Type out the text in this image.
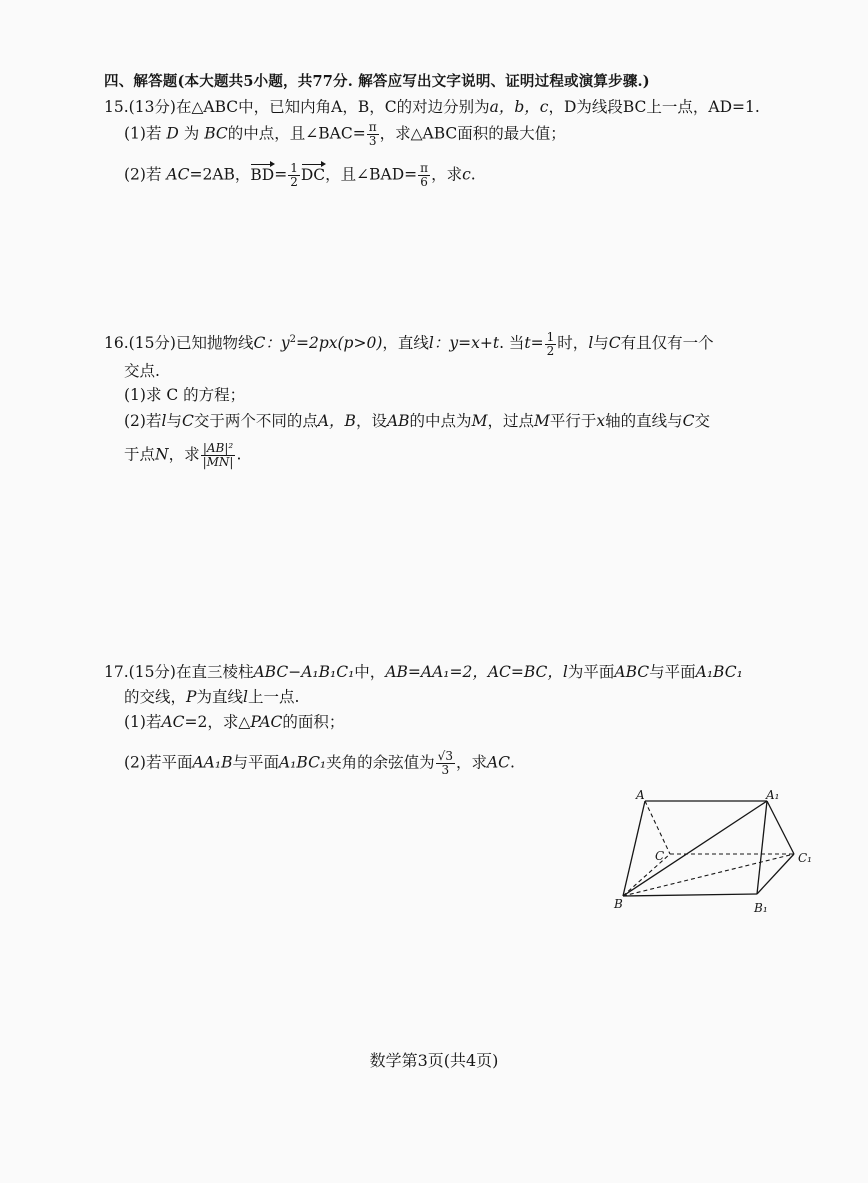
四、解答题(本大题共5小题，共77分. 解答应写出文字说明、证明过程或演算步骤.)
15.(13分)在△ABC中，已知内角A，B，C的对边分别为a，b，c，D为线段BC上一点，AD=1.
(1)若 D 为 BC的中点，且∠BAC= $\frac{\pi}{3}$ ，求△ABC面积的最大值；
(2)若 AC=2AB，$BD= \frac{1}{2}$ DC，且∠BAD= $\frac{\pi}{6}$ ，求c.
16.(15分)已知抛物线C：$y^2=2px(p>0)$，直线l：y=x+t. 当$t= \frac{1}{2}$ 时，l与C有且仅有一个
交点.
(1)求 C 的方程；
(2)若l与C交于两个不同的点A，B，设AB的中点为M，过点M平行于x轴的直线与C交
于点N，求 $\frac{\text{|AB|²}}{|MN|}$ .
17.(15分)在直三棱柱ABC−A₁B₁C₁中，AB=AA₁=2，AC=BC，l为平面ABC与平面A₁BC₁
的交线，P为直线l上一点.
(1)若AC=2，求△PAC的面积；
(2)若平面AA₁B与平面A₁BC₁夹角的余弦值为 $\frac{√3}{3}$ ，求AC.
A	A₁
C	C₁
B	B₁
数学第3页(共4页)
